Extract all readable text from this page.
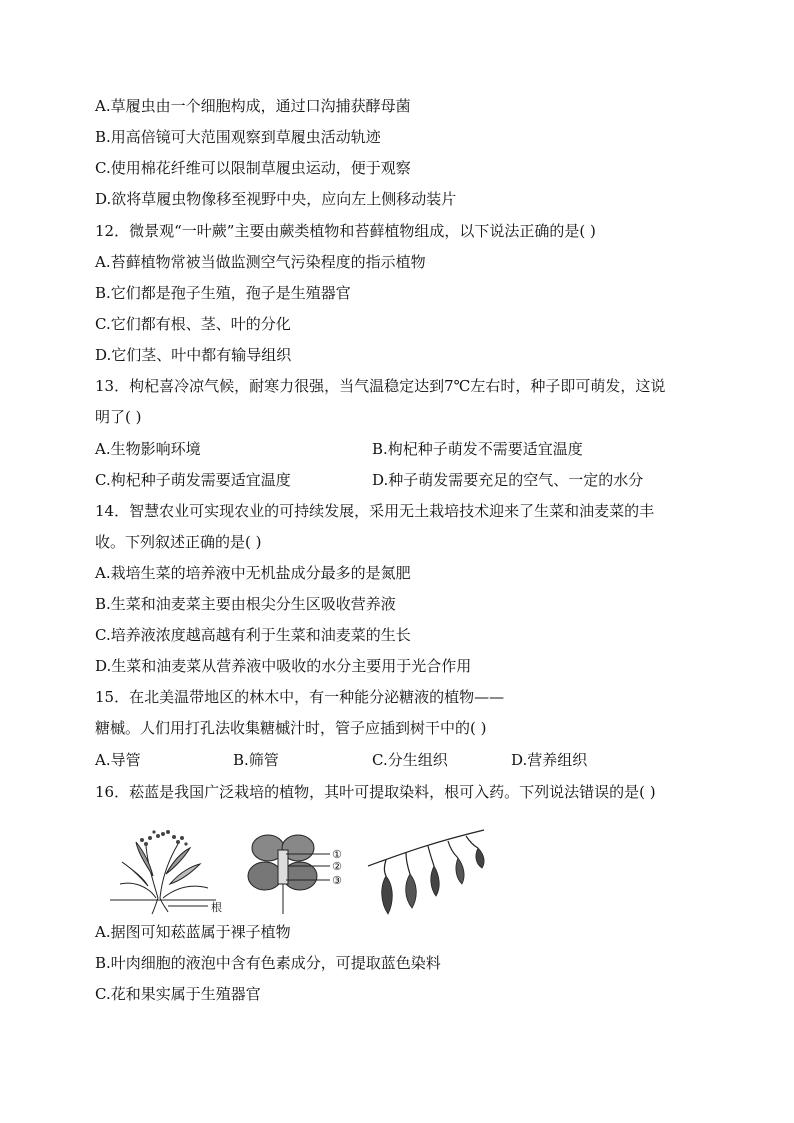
A.草履虫由一个细胞构成，通过口沟捕获酵母菌
B.用高倍镜可大范围观察到草履虫活动轨迹
C.使用棉花纤维可以限制草履虫运动，便于观察
D.欲将草履虫物像移至视野中央，应向左上侧移动装片
12．微景观“一叶蕨”主要由蕨类植物和苔藓植物组成，以下说法正确的是( )
A.苔藓植物常被当做监测空气污染程度的指示植物
B.它们都是孢子生殖，孢子是生殖器官
C.它们都有根、茎、叶的分化
D.它们茎、叶中都有输导组织
13．枸杞喜冷凉气候，耐寒力很强，当气温稳定达到7℃左右时，种子即可萌发，这说
明了( )
A.生物影响环境	B.枸杞种子萌发不需要适宜温度
C.枸杞种子萌发需要适宜温度	D.种子萌发需要充足的空气、一定的水分
14．智慧农业可实现农业的可持续发展，采用无土栽培技术迎来了生菜和油麦菜的丰
收。下列叙述正确的是( )
A.栽培生菜的培养液中无机盐成分最多的是氮肥
B.生菜和油麦菜主要由根尖分生区吸收营养液
C.培养液浓度越高越有利于生菜和油麦菜的生长
D.生菜和油麦菜从营养液中吸收的水分主要用于光合作用
15．在北美温带地区的林木中，有一种能分泌糖液的植物——
糖槭。人们用打孔法收集糖槭汁时，管子应插到树干中的( )
A.导管	B.筛管	C.分生组织	D.营养组织
16．菘蓝是我国广泛栽培的植物，其叶可提取染料，根可入药。下列说法错误的是( )
根
①
②
③
A.据图可知菘蓝属于裸子植物
B.叶肉细胞的液泡中含有色素成分，可提取蓝色染料
C.花和果实属于生殖器官
